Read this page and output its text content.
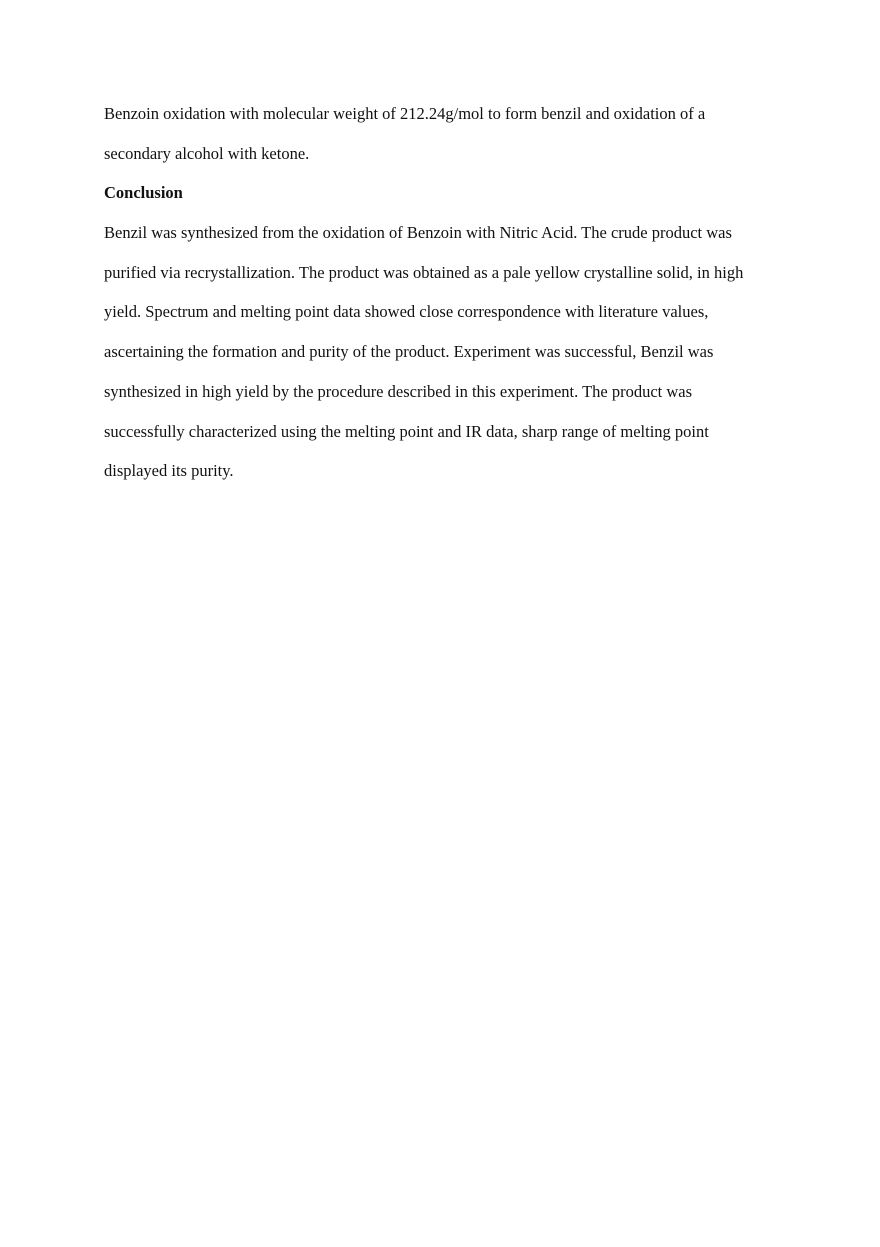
Benzoin oxidation with molecular weight of 212.24g/mol to form benzil and oxidation of a
secondary alcohol with ketone.
Conclusion
Benzil was synthesized from the oxidation of Benzoin with Nitric Acid. The crude product was
purified via recrystallization. The product was obtained as a pale yellow crystalline solid, in high
yield. Spectrum and melting point data showed close correspondence with literature values,
ascertaining the formation and purity of the product. Experiment was successful, Benzil was
synthesized in high yield by the procedure described in this experiment. The product was
successfully characterized using the melting point and IR data, sharp range of melting point
displayed its purity.
